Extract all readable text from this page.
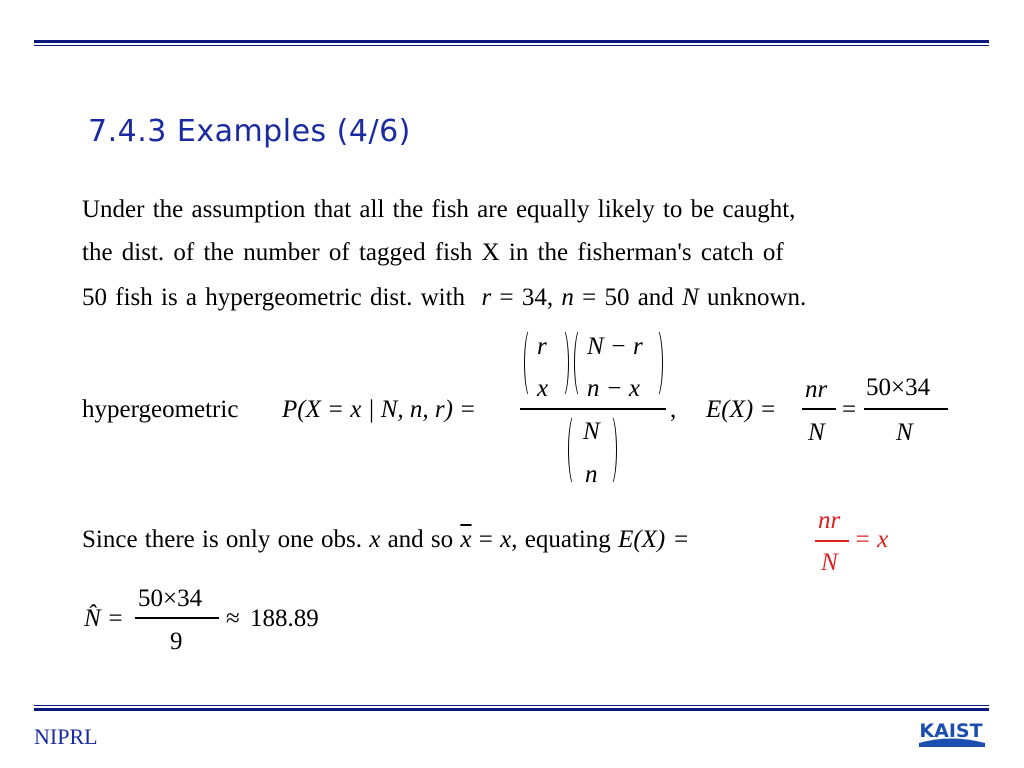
7.4.3 Examples (4/6)
Under the assumption that all the fish are equally likely to be caught,
the dist. of the number of tagged fish X in the fisherman's catch of
50 fish is a hypergeometric dist. with r = 34, n = 50 and N unknown.
hypergeometric P(X = x | N, n, r) =
r
x
N − r
n − x
N
n
, E(X) =
nr
N
=
50×34
N
Since there is only one obs. x and so $\overline{x} = x$, equating E(X) =
nr
N
= x
N̂ =
50×34
9
≈ 188.89
NIPRL	KAIST
